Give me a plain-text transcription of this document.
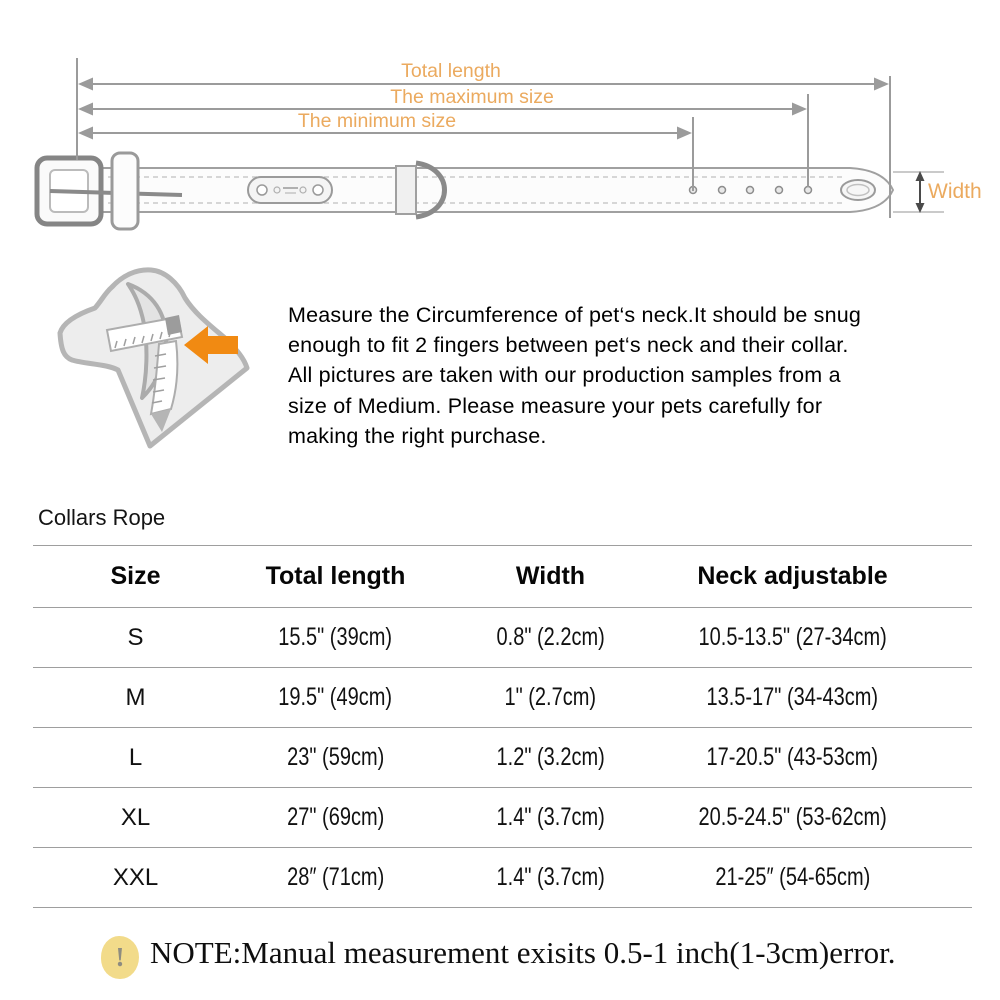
Total length
The maximum size
The minimum size
Width
Measure the Circumference of pet‘s neck.It should be snug
enough to fit 2 fingers between pet‘s neck and their collar.
All pictures are taken with our production samples from a
size of Medium. Please measure your pets carefully for
making the right purchase.
Collars Rope
Size	Total length	Width	Neck adjustable
S	15.5" (39cm)	0.8" (2.2cm)	10.5-13.5" (27-34cm)
M	19.5" (49cm)	1" (2.7cm)	13.5-17" (34-43cm)
L	23" (59cm)	1.2" (3.2cm)	17-20.5" (43-53cm)
XL	27" (69cm)	1.4" (3.7cm)	20.5-24.5" (53-62cm)
XXL	28″ (71cm)	1.4" (3.7cm)	21-25″ (54-65cm)
! NOTE:Manual measurement exisits 0.5-1 inch(1-3cm)error.
